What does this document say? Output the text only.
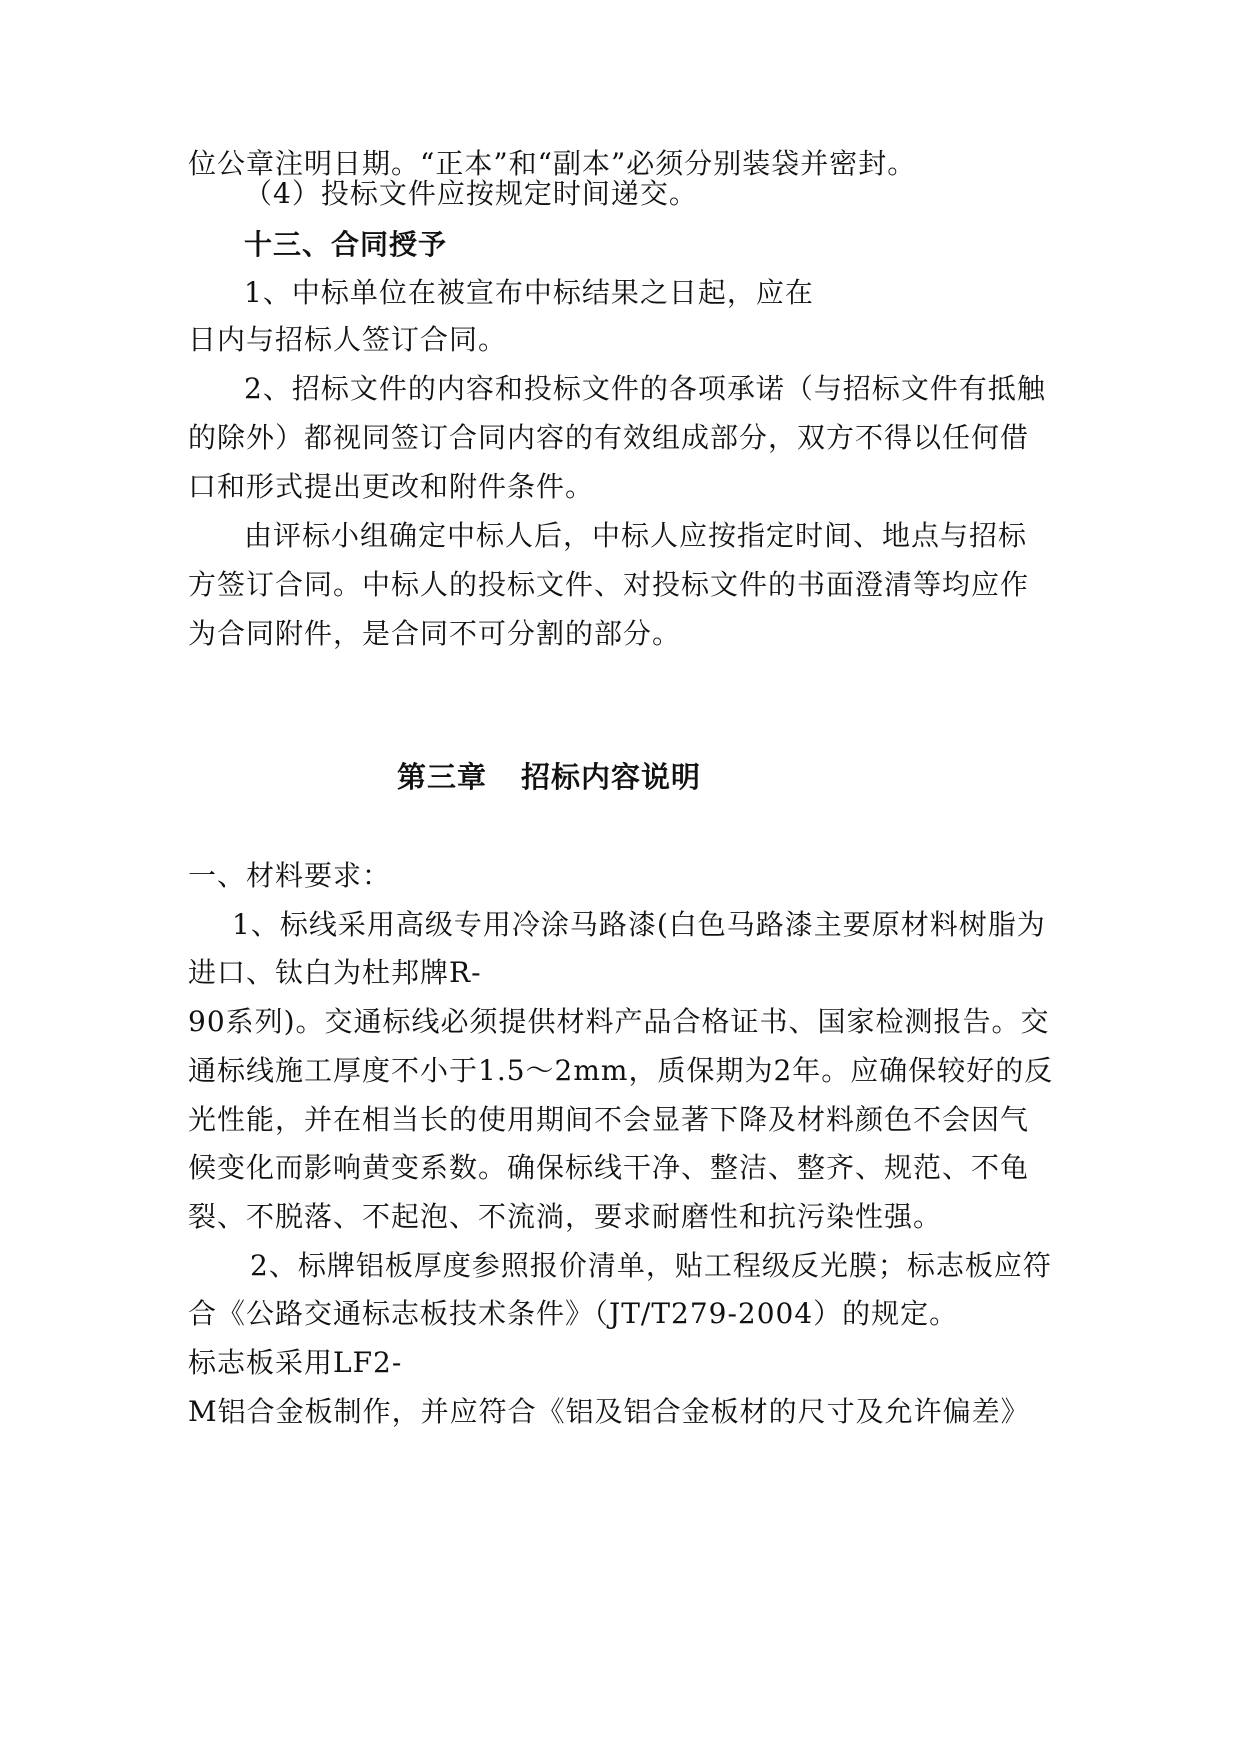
位公章注明日期。“正本”和“副本”必须分别装袋并密封。
（4）投标文件应按规定时间递交。
十三、合同授予
1、中标单位在被宣布中标结果之日起，应在
日内与招标人签订合同。
2、招标文件的内容和投标文件的各项承诺（与招标文件有抵触
的除外）都视同签订合同内容的有效组成部分，双方不得以任何借
口和形式提出更改和附件条件。
由评标小组确定中标人后，中标人应按指定时间、地点与招标
方签订合同。中标人的投标文件、对投标文件的书面澄清等均应作
为合同附件，是合同不可分割的部分。
第三章 招标内容说明
一、材料要求：
1、标线采用高级专用冷涂马路漆(白色马路漆主要原材料树脂为
进口、钛白为杜邦牌R-
90系列)。交通标线必须提供材料产品合格证书、国家检测报告。交
通标线施工厚度不小于1.5～2mm，质保期为2年。应确保较好的反
光性能，并在相当长的使用期间不会显著下降及材料颜色不会因气
候变化而影响黄变系数。确保标线干净、整洁、整齐、规范、不龟
裂、不脱落、不起泡、不流淌，要求耐磨性和抗污染性强。
2、标牌铝板厚度参照报价清单，贴工程级反光膜；标志板应符
合《公路交通标志板技术条件》（JT/T279-2004）的规定。
标志板采用LF2-
M铝合金板制作，并应符合《铝及铝合金板材的尺寸及允许偏差》
